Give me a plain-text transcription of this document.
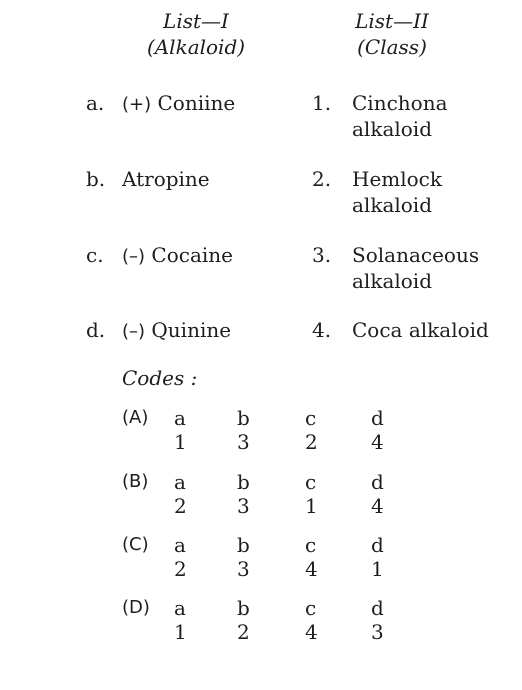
List—I
(Alkaloid)
List—II
(Class)
a. (+) Coniine	1. Cinchona
alkaloid
b. Atropine	2. Hemlock
alkaloid
c. (–) Cocaine	3. Solanaceous
alkaloid
d. (–) Quinine	4. Coca alkaloid
Codes :
(A) a	b	c	d
1	3	2	4
(B) a	b	c	d
2	3	1	4
(C) a	b	c	d
2	3	4	1
(D) a	b	c	d
1	2	4	3
